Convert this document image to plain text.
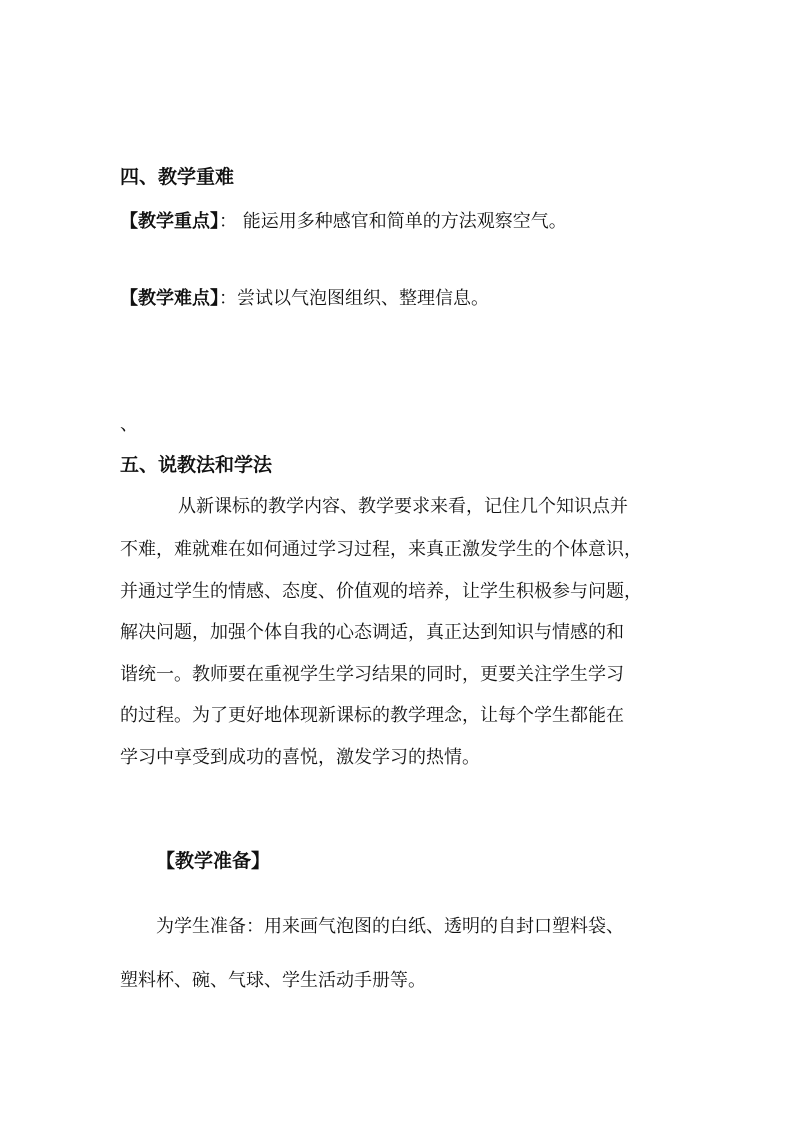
四、教学重难
【教学重点】： 能运用多种感官和简单的方法观察空气。
【教学难点】：尝试以气泡图组织、整理信息。
、
五、说教法和学法
从新课标的教学内容、教学要求来看，记住几个知识点并
不难，难就难在如何通过学习过程，来真正激发学生的个体意识，
并通过学生的情感、态度、价值观的培养，让学生积极参与问题，
解决问题，加强个体自我的心态调适，真正达到知识与情感的和
谐统一。教师要在重视学生学习结果的同时，更要关注学生学习
的过程。为了更好地体现新课标的教学理念，让每个学生都能在
学习中享受到成功的喜悦，激发学习的热情。
【教学准备】
为学生准备：用来画气泡图的白纸、透明的自封口塑料袋、
塑料杯、碗、气球、学生活动手册等。
